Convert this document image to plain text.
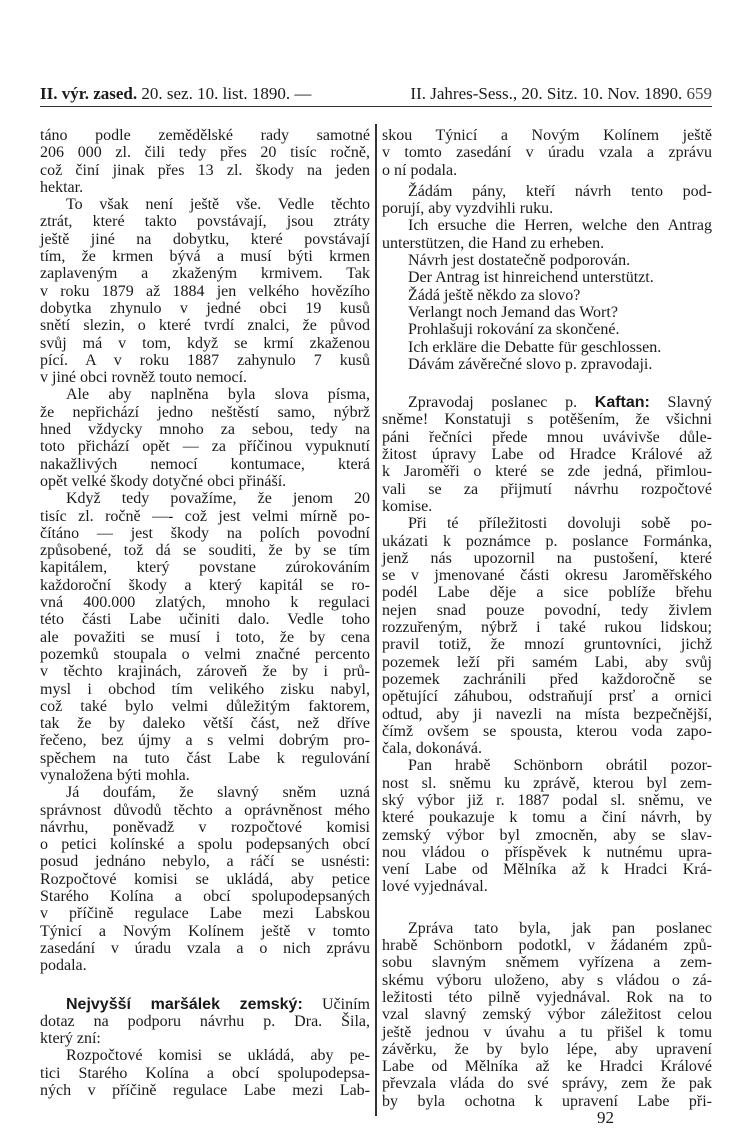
II. výr. zased. 20. sez. 10. list. 1890. —	II. Jahres-Sess., 20. Sitz. 10. Nov. 1890. 659
táno podle zemědělské rady samotné
206 000 zl. čili tedy přes 20 tisíc ročně,
což činí jinak přes 13 zl. škody na jeden
hektar.
To však není ještě vše. Vedle těchto
ztrát, které takto povstávají, jsou ztráty
ještě jiné na dobytku, které povstávají
tím, že krmen bývá a musí býti krmen
zaplaveným a zkaženým krmivem. Tak
v roku 1879 až 1884 jen velkého hovězího
dobytka zhynulo v jedné obci 19 kusů
snětí slezin, o které tvrdí znalci, že původ
svůj má v tom, když se krmí zkaženou
pící. A v roku 1887 zahynulo 7 kusů
v jiné obci rovněž touto nemocí.
Ale aby naplněna byla slova písma,
že nepřichází jedno neštěstí samo, nýbrž
hned vždycky mnoho za sebou, tedy na
toto přichází opět — za příčinou vypuknutí
nakažlivých nemocí kontumace, která
opět velké škody dotyčné obci přináší.
Když tedy považíme, že jenom 20
tisíc zl. ročně —- což jest velmi mírně po-
čítáno — jest škody na polích povodní
způsobené, tož dá se souditi, že by se tím
kapitálem, který povstane zúrokováním
každoroční škody a který kapitál se ro-
vná 400.000 zlatých, mnoho k regulaci
této části Labe učiniti dalo. Vedle toho
ale považiti se musí i toto, že by cena
pozemků stoupala o velmi značné percento
v těchto krajinách, zároveň že by i prů-
mysl i obchod tím velikého zisku nabyl,
což také bylo velmi důležitým faktorem,
tak že by daleko větší část, než dříve
řečeno, bez újmy a s velmi dobrým pro-
spěchem na tuto část Labe k regulování
vynaložena býti mohla.
Já doufám, že slavný sněm uzná
správnost důvodů těchto a oprávněnost mého
návrhu, poněvadž v rozpočtové komisi
o petici kolínské a spolu podepsaných obcí
posud jednáno nebylo, a ráčí se usnésti:
Rozpočtové komisi se ukládá, aby petice
Starého Kolína a obcí spolupodepsaných
v příčině regulace Labe mezi Labskou
Týnicí a Novým Kolínem ještě v tomto
zasedání v úradu vzala a o nich zprávu
podala.
Nejvyšší maršálek zemský: Učiním
dotaz na podporu návrhu p. Dra. Šila,
který zní:
Rozpočtové komisi se ukládá, aby pe-
tici Starého Kolína a obcí spolupodepsa-
ných v příčině regulace Labe mezi Lab-
skou Týnicí a Novým Kolínem ještě
v tomto zasedání v úradu vzala a zprávu
o ní podala.
Žádám pány, kteří návrh tento pod-
porují, aby vyzdvihli ruku.
Ich ersuche die Herren, welche den Antrag
unterstützen, die Hand zu erheben.
Návrh jest dostatečně podporován.
Der Antrag ist hinreichend unterstützt.
Žádá ještě někdo za slovo?
Verlangt noch Jemand das Wort?
Prohlašuji rokování za skončené.
Ich erkläre die Debatte für geschlossen.
Dávám závěrečné slovo p. zpravodaji.
Zpravodaj poslanec p. Kaftan: Slavný
sněme! Konstatuji s potěšením, že všichni
páni řečníci přede mnou uvávivše důle-
žitost úpravy Labe od Hradce Králové až
k Jaroměři o které se zde jedná, přimlou-
vali se za přijmutí návrhu rozpočtové
komise.
Při té příležitosti dovoluji sobě po-
ukázati k poznámce p. poslance Formánka,
jenž nás upozornil na pustošení, které
se v jmenované části okresu Jaroměřského
podél Labe děje a sice poblíže břehu
nejen snad pouze povodní, tedy živlem
rozzuřeným, nýbrž i také rukou lidskou;
pravil totiž, že mnozí gruntovníci, jichž
pozemek leží při samém Labi, aby svůj
pozemek zachránili před každoročně se
opětující záhubou, odstraňují prsť a ornici
odtud, aby ji navezli na místa bezpečnější,
čímž ovšem se spousta, kterou voda zapo-
čala, dokonává.
Pan hrabě Schönborn obrátil pozor-
nost sl. sněmu ku zprávě, kterou byl zem-
ský výbor již r. 1887 podal sl. sněmu, ve
které poukazuje k tomu a činí návrh, by
zemský výbor byl zmocněn, aby se slav-
nou vládou o příspěvek k nutnému upra-
vení Labe od Mělníka až k Hradci Krá-
lové vyjednával.
Zpráva tato byla, jak pan poslanec
hrabě Schönborn podotkl, v žádaném způ-
sobu slavným sněmem vyřízena a zem-
skému výboru uloženo, aby s vládou o zá-
ležitosti této pilně vyjednával. Rok na to
vzal slavný zemský výbor záležitost celou
ještě jednou v úvahu a tu přišel k tomu
závěrku, že by bylo lépe, aby upravení
Labe od Mělníka až ke Hradci Králové
převzala vláda do své správy, zem že pak
by byla ochotna k upravení Labe při-
92
